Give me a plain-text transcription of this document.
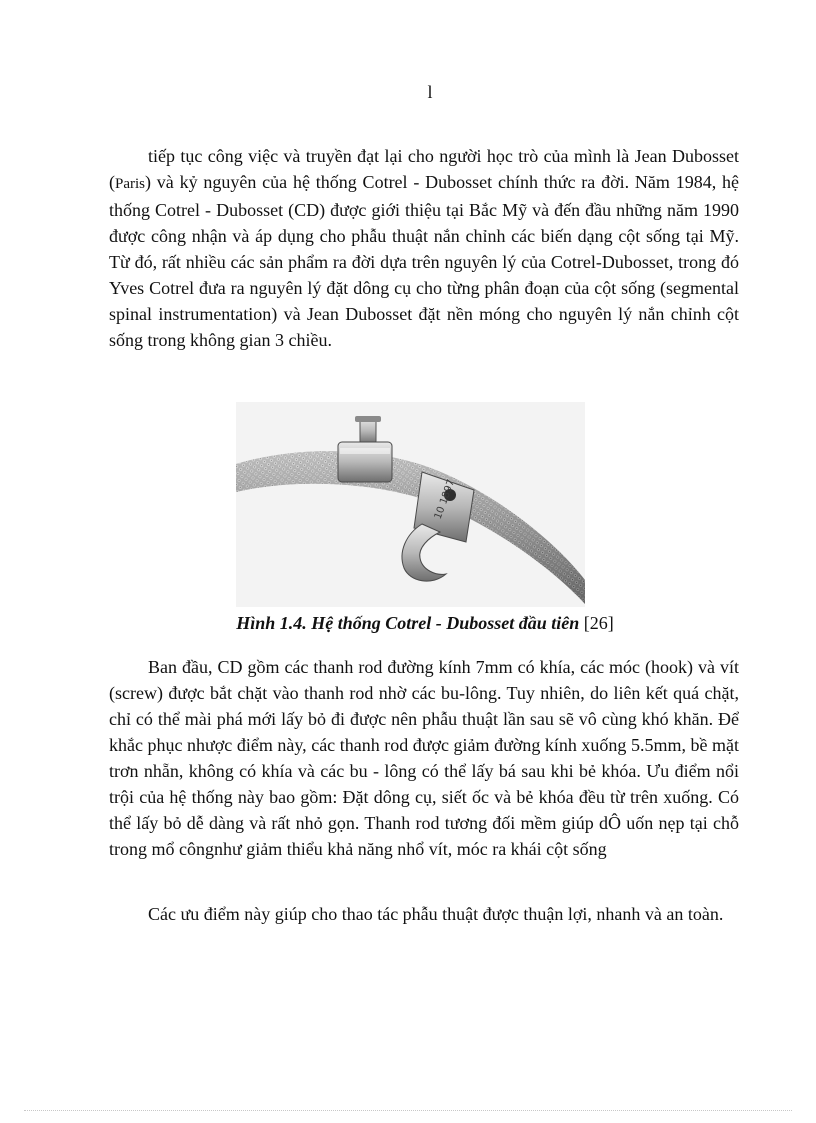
l

tiếp tục công việc và truyền đạt lại cho người học trò của mình là Jean Dubosset (Paris) và kỷ nguyên của hệ thống Cotrel - Dubosset chính thức ra đời. Năm 1984, hệ thống Cotrel - Dubosset (CD) được giới thiệu tại Bắc Mỹ và đến đầu những năm 1990 được công nhận và áp dụng cho phẫu thuật nắn chỉnh các biến dạng cột sống tại Mỹ. Từ đó, rất nhiều các sản phẩm ra đời dựa trên nguyên lý của Cotrel-Dubosset, trong đó Yves Cotrel đưa ra nguyên lý đặt dông cụ cho từng phân đoạn của cột sống (segmental spinal instrumentation) và Jean Dubosset đặt nền móng cho nguyên lý nắn chỉnh cột sống trong không gian 3 chiều.

10 1897
Hình 1.4. Hệ thống Cotrel - Dubosset đầu tiên [26]

Ban đầu, CD gồm các thanh rod đường kính 7mm có khía, các móc (hook) và vít (screw) được bắt chặt vào thanh rod nhờ các bu-lông. Tuy nhiên, do liên kết quá chặt, chỉ có thể mài phá mới lấy bỏ đi được nên phẫu thuật lần sau sẽ vô cùng khó khăn. Để khắc phục nhược điểm này, các thanh rod được giảm đường kính xuống 5.5mm, bề mặt trơn nhẵn, không có khía và các bu - lông có thể lấy bá sau khi bẻ khóa. Ưu điểm nổi trội của hệ thống này bao gồm: Đặt dông cụ, siết ốc và bẻ khóa đều từ trên xuống. Có thể lấy bỏ dễ dàng và rất nhỏ gọn. Thanh rod tương đối mềm giúp dÔ uốn nẹp tại chỗ trong mổ côngnhư giảm thiểu khả năng nhổ vít, móc ra khái cột sống

Các ưu điểm này giúp cho thao tác phẫu thuật được thuận lợi, nhanh và an toàn.
